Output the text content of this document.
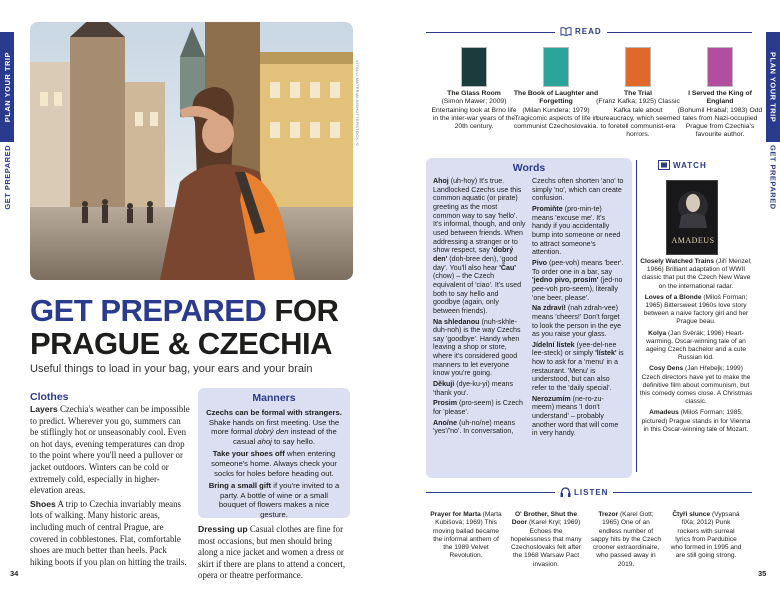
PLAN YOUR TRIP
GET PREPARED
PLAN YOUR TRIP
GET PREPARED
VITALLI MATERIALS/SHUTTERSTOCK ©
GET PREPARED FOR
PRAGUE & CZECHIA
Useful things to load in your bag, your ears and your brain
Clothes

Layers Czechia's weather can be impossible to predict. Wherever you go, summers can be stiflingly hot or unseasonably cool. Even on hot days, evening temperatures can drop to the point where you'll need a pullover or jacket outdoors. Winters can be cold or extremely cold, especially in higher-elevation areas.

Shoes A trip to Czechia invariably means lots of walking. Many historic areas, including much of central Prague, are covered in cobblestones. Flat, comfortable shoes are much better than heels. Pack hiking boots if you plan on hitting the trails.

Dressing up Casual clothes are fine for most occasions, but men should bring along a nice jacket and women a dress or skirt if there are plans to attend a concert, opera or theatre performance.
Manners

Czechs can be formal with strangers. Shake hands on first meeting. Use the more formal dobrý den instead of the casual ahoj to say hello.

Take your shoes off when entering someone's home. Always check your socks for holes before heading out.

Bring a small gift if you're invited to a party. A bottle of wine or a small bouquet of flowers makes a nice gesture.

34	35
READ
The Glass Room
(Simon Mawer; 2009) Entertaining look at Brno life in the inter-war years of the 20th century.
The Book of Laughter and Forgetting
(Milan Kundera; 1979) Tragicomic aspects of life in communist Czechoslovakia.
The Trial
(Franz Kafka; 1925) Classic Kafka tale about bureaucracy, which seemed to foretell communist-era horrors.
I Served the King of England
(Bohumil Hrabal; 1983) Odd tales from Nazi-occupied Prague from Czechia's favourite author.
Words

Ahoj (uh-hoy) It's true. Landlocked Czechs use this common aquatic (or pirate) greeting as the most common way to say 'hello'. It's informal, though, and only used between friends. When addressing a stranger or to show respect, say 'dobrý den' (doh-bree den), 'good day'. You'll also hear 'Čau' (chow) – the Czech equivalent of 'ciao'. It's used both to say hello and goodbye (again, only between friends).

Na shledanou (nuh-skhle-duh-noh) is the way Czechs say 'goodbye'. Handy when leaving a shop or store, where it's considered good manners to let everyone know you're going.

Děkuji (dye-ku-yi) means 'thank you'.

Prosim (pro-seem) is Czech for 'please'.

Ano/ne (uh-no/ne) means 'yes'/'no'. In conversation,

Czechs often shorten 'ano' to simply 'no', which can create confusion.

Promiňte (pro-min-te) means 'excuse me'. It's handy if you accidentally bump into someone or need to attract someone's attention.

Pivo (pee-voh) means 'beer'. To order one in a bar, say 'jedno pivo, prosím' (jed-no pee-voh pro-seem), literally 'one beer, please'.

Na zdraví! (nah zdrah-vee) means 'cheers!' Don't forget to look the person in the eye as you raise your glass.

Jídelní lístek (yee-del-nee lee-steck) or simply 'lístek' is how to ask for a 'menu' in a restaurant. 'Menu' is understood, but can also refer to the 'daily special'.

Nerozumím (ne-ro-zu-meem) means 'I don't understand' – probably another word that will come in very handy.

WATCH
AMADEUS

Closely Watched Trains (Jiří Menzel; 1966) Brilliant adaptation of WWII classic that put the Czech New Wave on the international radar.

Loves of a Blonde (Miloš Forman; 1965) Bittersweet 1960s love story between a naive factory girl and her Prague beau.

Kolya (Jan Svěrák; 1996) Heart-warming, Oscar-winning tale of an ageing Czech bachelor and a cute Russian kid.

Cosy Dens (Jan Hřebejk; 1999) Czech directors have yet to make the definitive film about communism, but this comedy comes close. A Christmas classic.

Amadeus (Miloš Forman; 1985; pictured) Prague stands in for Vienna in this Oscar-winning tale of Mozart.

LISTEN
Prayer for Marta (Marta Kubišová; 1969) This moving ballad became the informal anthem of the 1989 Velvet Revolution.
O' Brother, Shut the Door (Karel Kryl; 1969) Echoes the hopelessness that many Czechoslovaks felt after the 1968 Warsaw Pact invasion.
Trezor (Karel Gott; 1965) One of an endless number of sappy hits by the Czech crooner extraordinaire, who passed away in 2019.
Čtyři slunce (Vypsaná fiXa; 2012) Punk rockers with surreal lyrics from Pardubice who formed in 1995 and are still going strong.
